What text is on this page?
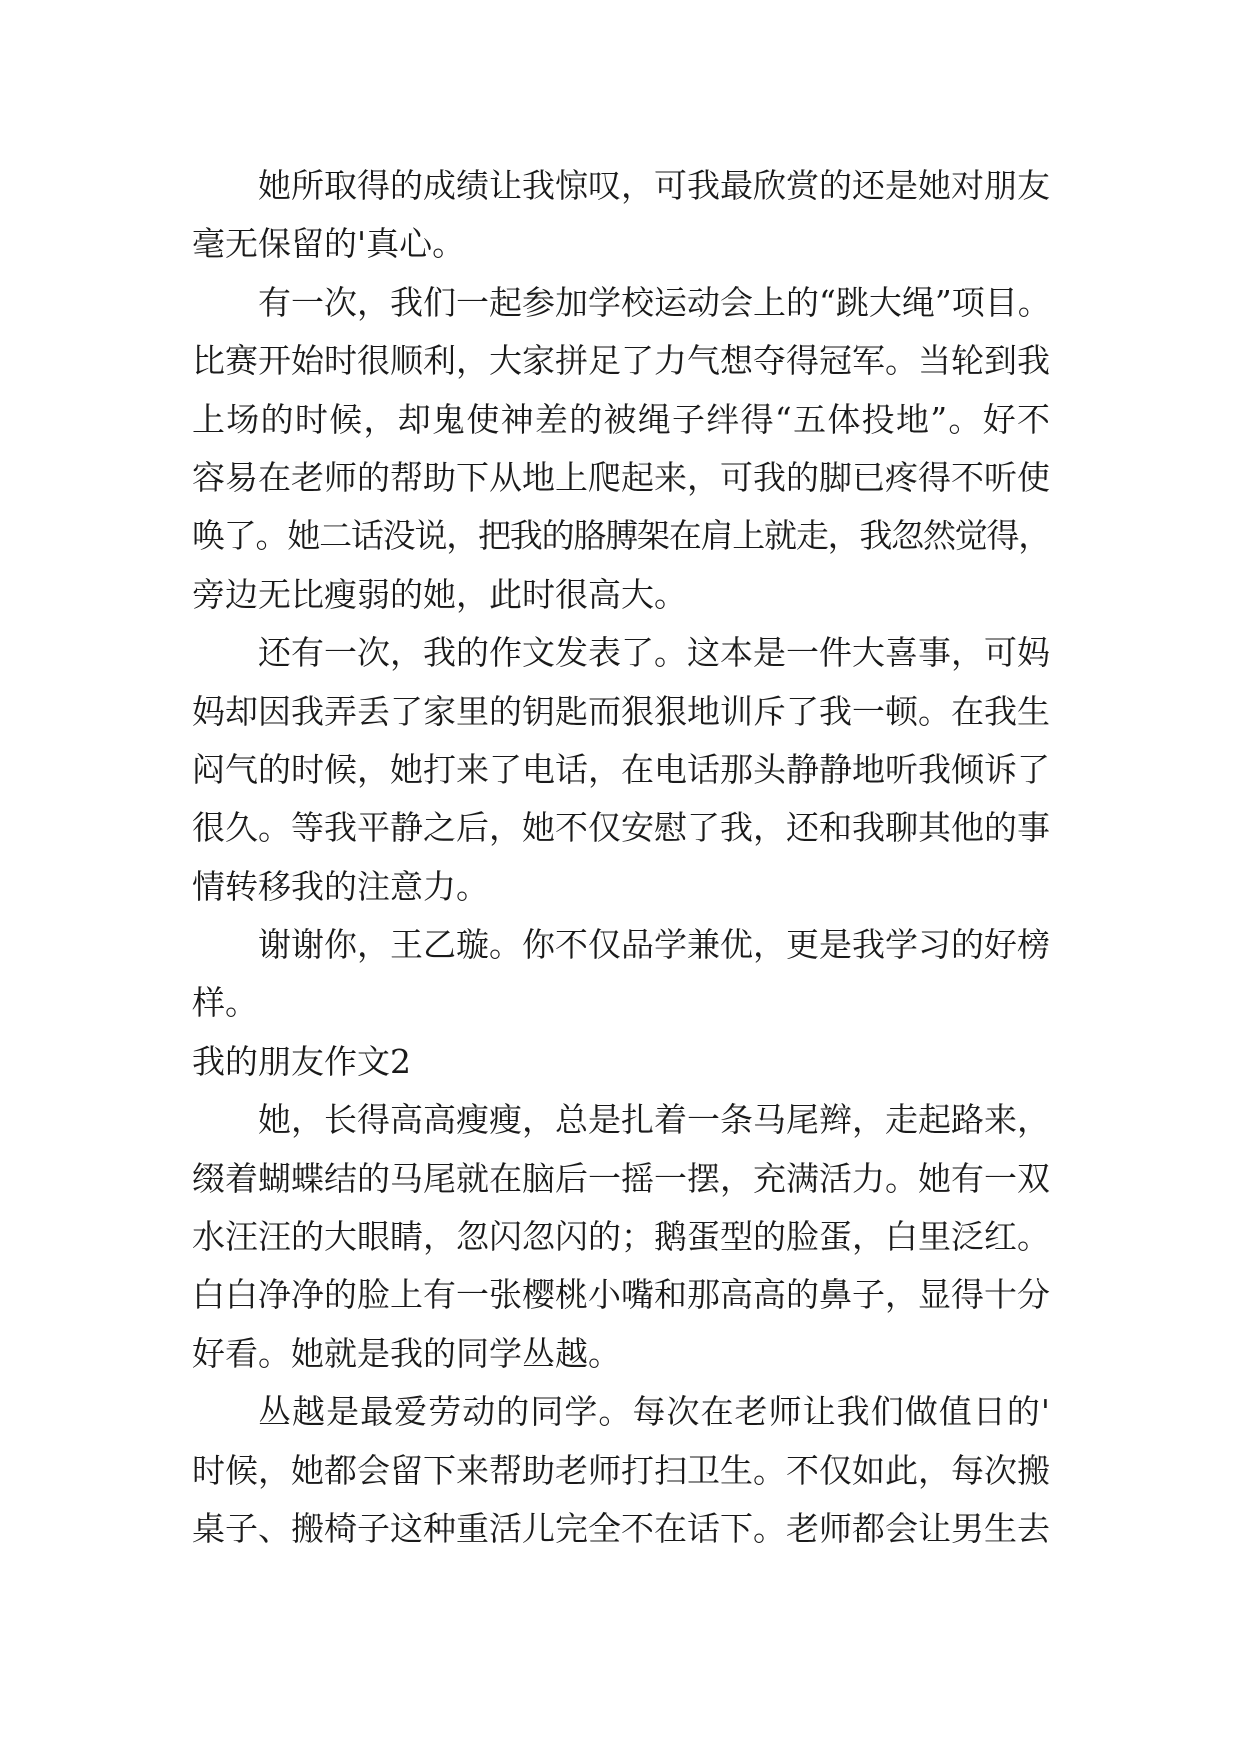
她所取得的成绩让我惊叹，可我最欣赏的还是她对朋友
毫无保留的'真心。
有一次，我们一起参加学校运动会上的“跳大绳”项目。
比赛开始时很顺利，大家拼足了力气想夺得冠军。当轮到我
上场的时候，却鬼使神差的被绳子绊得“五体投地”。好不
容易在老师的帮助下从地上爬起来，可我的脚已疼得不听使
唤了。她二话没说，把我的胳膊架在肩上就走，我忽然觉得，
旁边无比瘦弱的她，此时很高大。
还有一次，我的作文发表了。这本是一件大喜事，可妈
妈却因我弄丢了家里的钥匙而狠狠地训斥了我一顿。在我生
闷气的时候，她打来了电话，在电话那头静静地听我倾诉了
很久。等我平静之后，她不仅安慰了我，还和我聊其他的事
情转移我的注意力。
谢谢你，王乙璇。你不仅品学兼优，更是我学习的好榜
样。
我的朋友作文2
她，长得高高瘦瘦，总是扎着一条马尾辫，走起路来，
缀着蝴蝶结的马尾就在脑后一摇一摆，充满活力。她有一双
水汪汪的大眼睛，忽闪忽闪的；鹅蛋型的脸蛋，白里泛红。
白白净净的脸上有一张樱桃小嘴和那高高的鼻子，显得十分
好看。她就是我的同学丛越。
丛越是最爱劳动的同学。每次在老师让我们做值日的'
时候，她都会留下来帮助老师打扫卫生。不仅如此，每次搬
桌子、搬椅子这种重活儿完全不在话下。老师都会让男生去
